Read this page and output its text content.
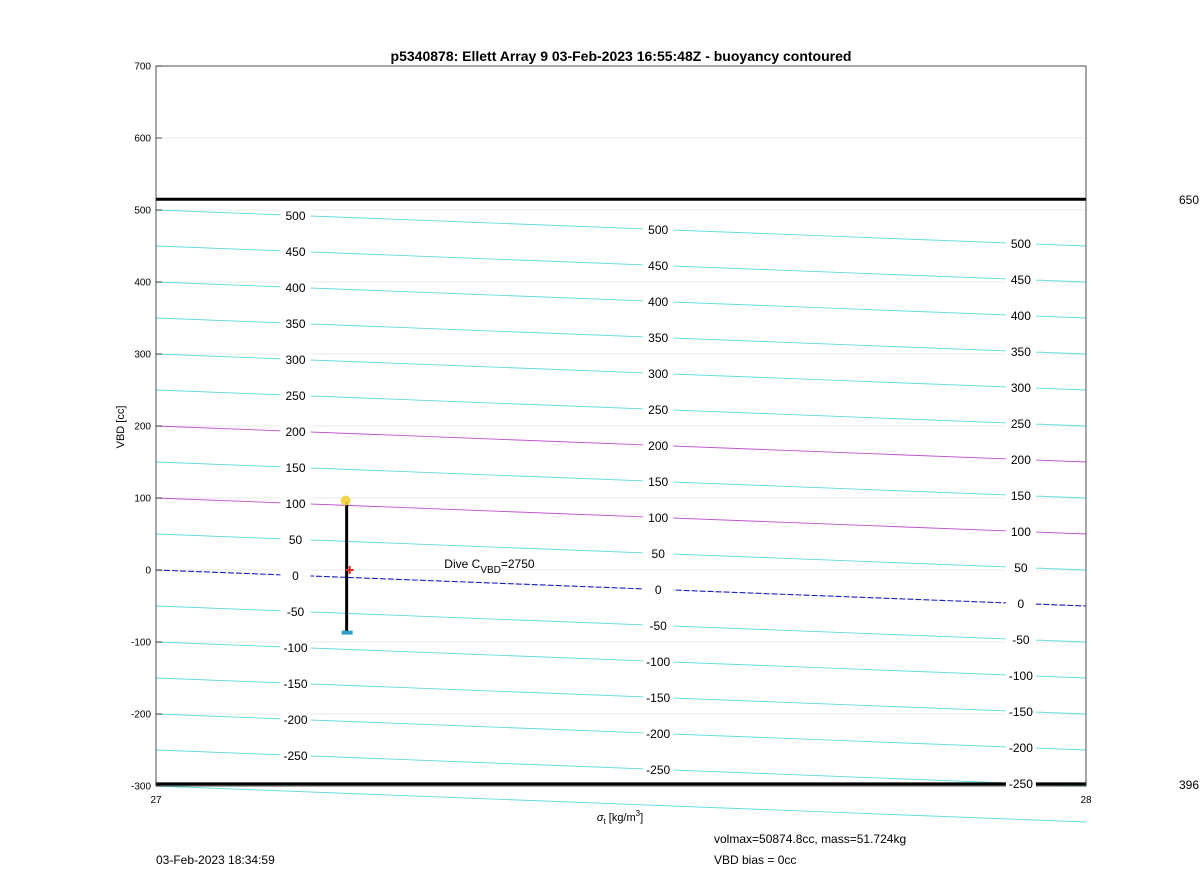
-300
-200
-100
0
100
200
300
400
500
600
700
27	28
-250
-250
-250
-200
-200
-200
-150
-150
-150
-100
-100
-100
-50
-50
-50
0
0
0
50
50
50
100
100
100
150
150
150
200
200
200
250
250
250
300
300
300
350
350
350
400
400
400
450
450
450
500
500
500
650
396
p5340878: Ellett Array 9 03-Feb-2023 16:55:48Z - buoyancy contoured
VBD [cc]
$\sigma_t$ $[kg/m^3]$
Dive $C_{VBD}=2750$
03-Feb-2023 18:34:59
volmax=50874.8cc, mass=51.724kg
VBD bias = 0cc
